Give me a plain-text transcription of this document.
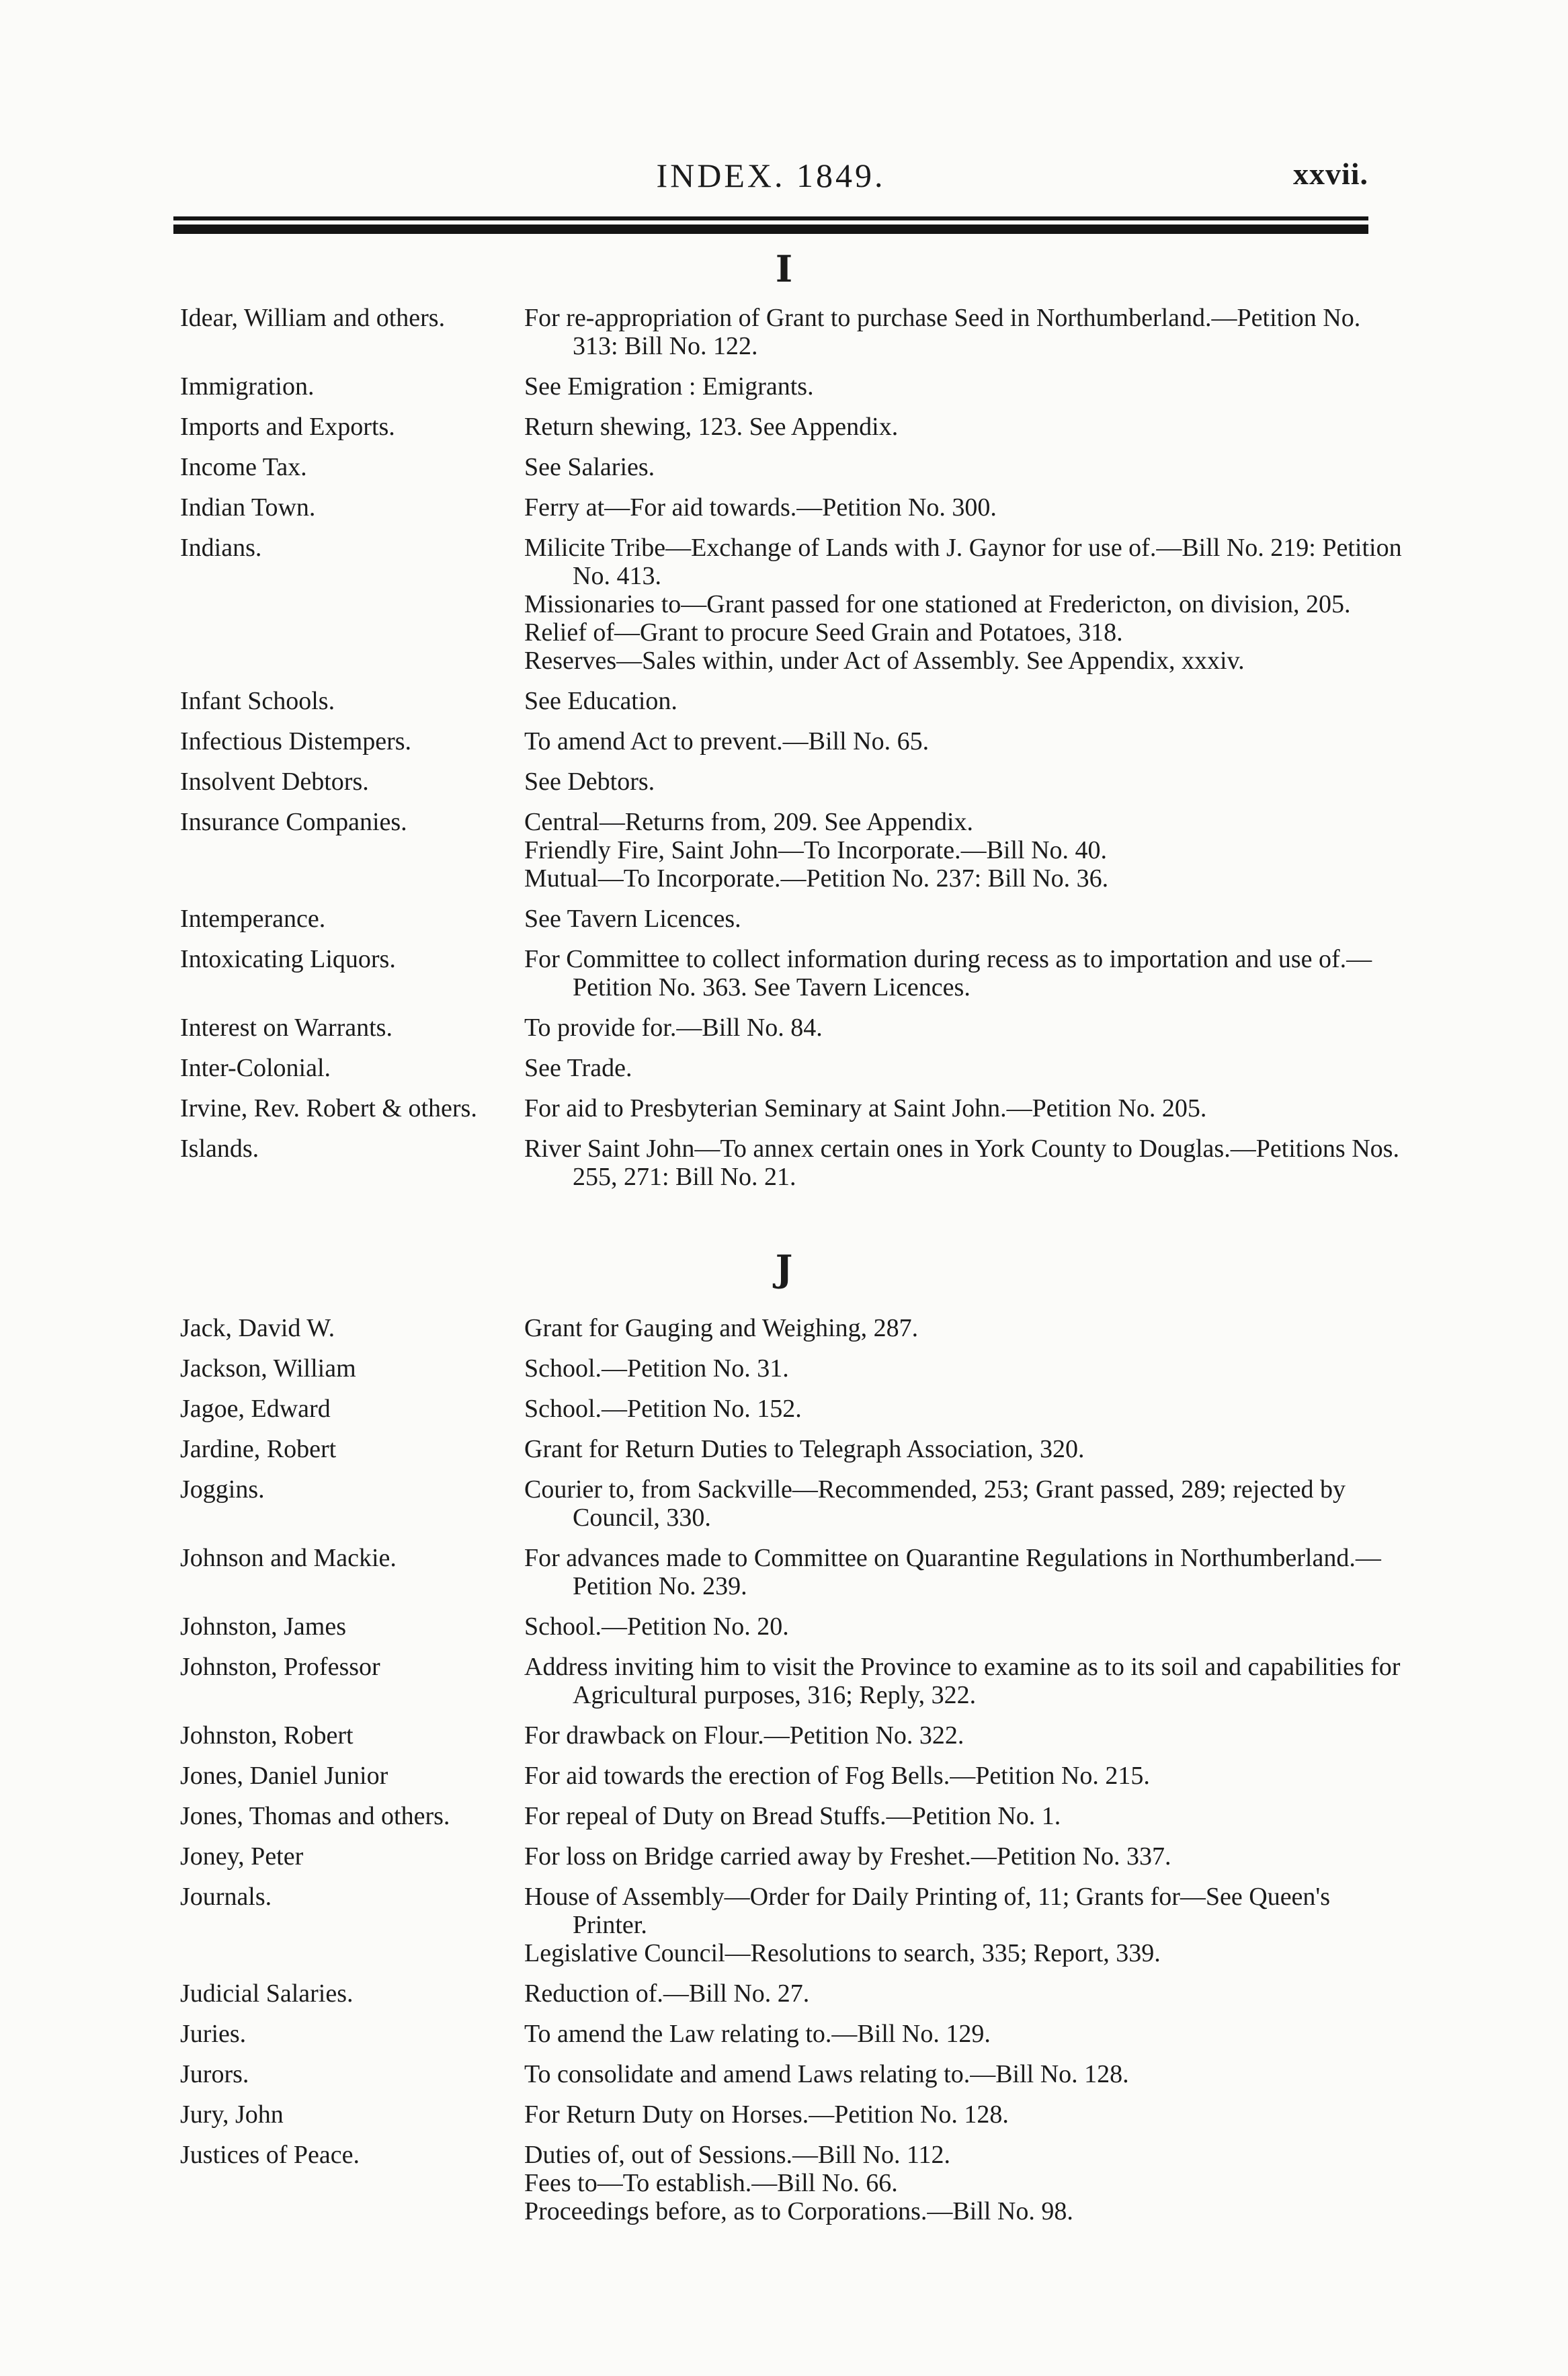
INDEX. 1849.	xxvii.
I
Idear, William and others.	For re-appropriation of Grant to purchase Seed in Northumberland.—Petition No. 313: Bill No. 122.
Immigration.	See Emigration : Emigrants.
Imports and Exports.	Return shewing, 123. See Appendix.
Income Tax.	See Salaries.
Indian Town.	Ferry at—For aid towards.—Petition No. 300.
Indians.	Milicite Tribe—Exchange of Lands with J. Gaynor for use of.—Bill No. 219: Petition No. 413.
Missionaries to—Grant passed for one stationed at Fredericton, on division, 205.
Relief of—Grant to procure Seed Grain and Potatoes, 318.
Reserves—Sales within, under Act of Assembly. See Appendix, xxxiv.
Infant Schools.	See Education.
Infectious Distempers.	To amend Act to prevent.—Bill No. 65.
Insolvent Debtors.	See Debtors.
Insurance Companies.	Central—Returns from, 209. See Appendix.
Friendly Fire, Saint John—To Incorporate.—Bill No. 40.
Mutual—To Incorporate.—Petition No. 237: Bill No. 36.
Intemperance.	See Tavern Licences.
Intoxicating Liquors.	For Committee to collect information during recess as to importation and use of.—Petition No. 363. See Tavern Licences.
Interest on Warrants.	To provide for.—Bill No. 84.
Inter-Colonial.	See Trade.
Irvine, Rev. Robert & others.	For aid to Presbyterian Seminary at Saint John.—Petition No. 205.
Islands.	River Saint John—To annex certain ones in York County to Douglas.—Petitions Nos. 255, 271: Bill No. 21.
J
Jack, David W.	Grant for Gauging and Weighing, 287.
Jackson, William	School.—Petition No. 31.
Jagoe, Edward	School.—Petition No. 152.
Jardine, Robert	Grant for Return Duties to Telegraph Association, 320.
Joggins.	Courier to, from Sackville—Recommended, 253; Grant passed, 289; rejected by Council, 330.
Johnson and Mackie.	For advances made to Committee on Quarantine Regulations in Northumberland.—Petition No. 239.
Johnston, James	School.—Petition No. 20.
Johnston, Professor	Address inviting him to visit the Province to examine as to its soil and capabilities for Agricultural purposes, 316; Reply, 322.
Johnston, Robert	For drawback on Flour.—Petition No. 322.
Jones, Daniel Junior	For aid towards the erection of Fog Bells.—Petition No. 215.
Jones, Thomas and others.	For repeal of Duty on Bread Stuffs.—Petition No. 1.
Joney, Peter	For loss on Bridge carried away by Freshet.—Petition No. 337.
Journals.	House of Assembly—Order for Daily Printing of, 11; Grants for—See Queen's Printer.
Legislative Council—Resolutions to search, 335; Report, 339.
Judicial Salaries.	Reduction of.—Bill No. 27.
Juries.	To amend the Law relating to.—Bill No. 129.
Jurors.	To consolidate and amend Laws relating to.—Bill No. 128.
Jury, John	For Return Duty on Horses.—Petition No. 128.
Justices of Peace.	Duties of, out of Sessions.—Bill No. 112.
Fees to—To establish.—Bill No. 66.
Proceedings before, as to Corporations.—Bill No. 98.
